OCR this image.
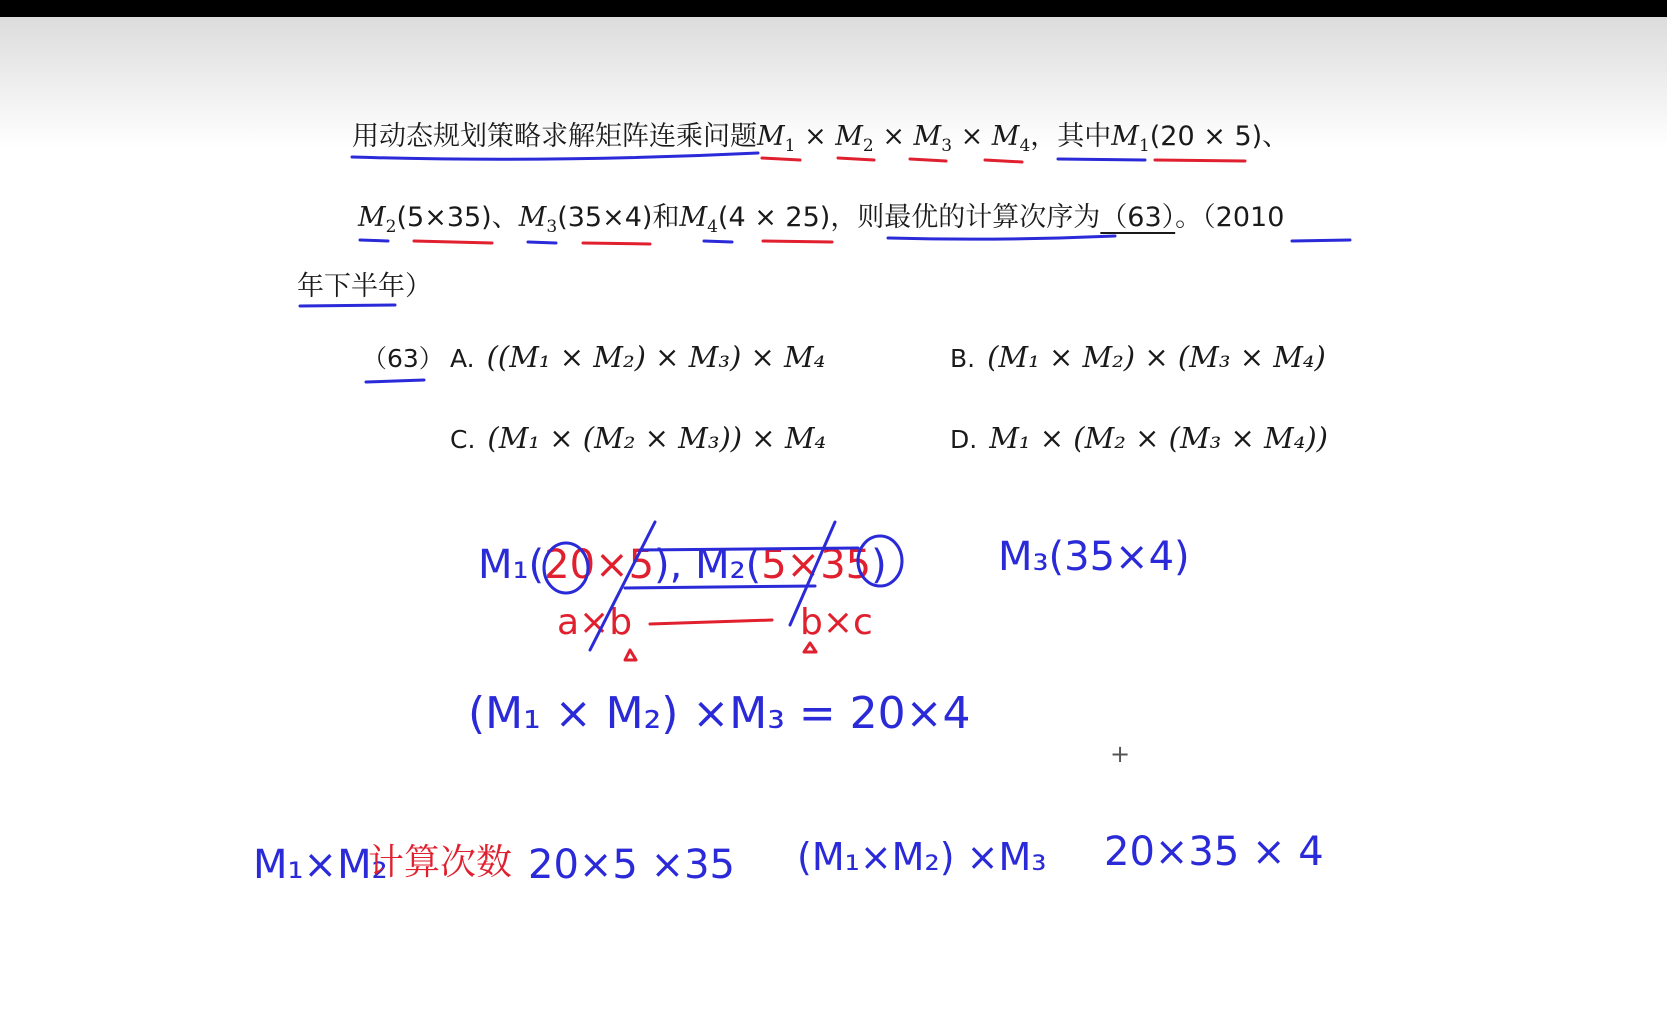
用动态规划策略求解矩阵连乘问题$M_1 \times M_2 \times M_3 \times M_4$，其中$M_1(20 \times 5)$、
$M_2(5\times 35)$、$M_3(35\times 4)$和$M_4(4 \times 25)$，则最优的计算次序为（63）。（2010
年下半年）
（63） A. ((M₁ × M₂) × M₃) × M₄	B. (M₁ × M₂) × (M₃ × M₄)
C. (M₁ × (M₂ × M₃)) × M₄	D. M₁ × (M₂ × (M₃ × M₄))
M₁(20×5), M₂(5×35)	M₃(35×4)
a×b	b×c
(M₁ × M₂) ×M₃ = 20×4
+
M₁×M₂
计算次数 20×5 ×35 (M₁×M₂) ×M₃ 20×35 × 4
